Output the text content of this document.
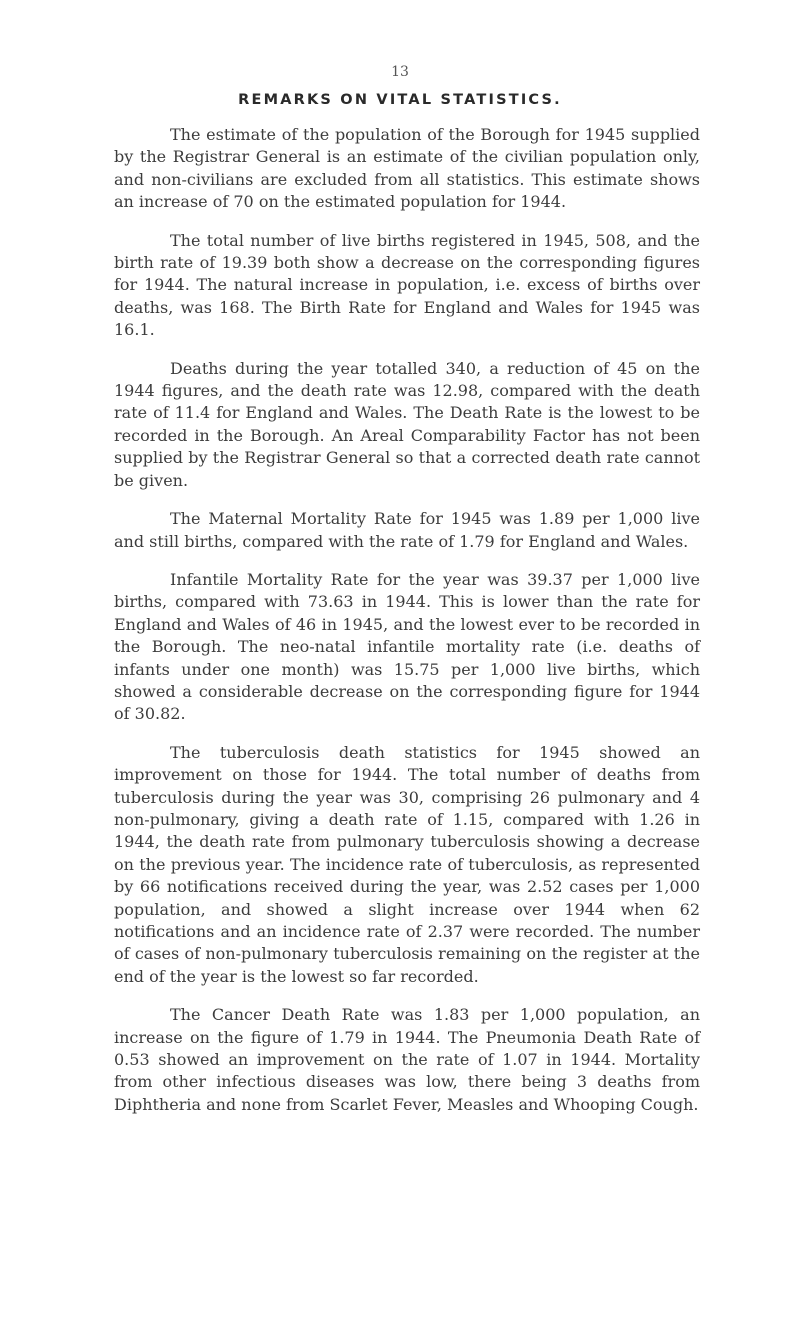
13
REMARKS ON VITAL STATISTICS.

The estimate of the population of the Borough for 1945 supplied by the Registrar General is an estimate of the civilian population only, and non-civilians are excluded from all statistics. This estimate shows an increase of 70 on the estimated population for 1944.

The total number of live births registered in 1945, 508, and the birth rate of 19.39 both show a decrease on the corresponding figures for 1944. The natural increase in population, i.e. excess of births over deaths, was 168. The Birth Rate for England and Wales for 1945 was 16.1.

Deaths during the year totalled 340, a reduction of 45 on the 1944 figures, and the death rate was 12.98, compared with the death rate of 11.4 for England and Wales. The Death Rate is the lowest to be recorded in the Borough. An Areal Comparability Factor has not been supplied by the Registrar General so that a corrected death rate cannot be given.

The Maternal Mortality Rate for 1945 was 1.89 per 1,000 live and still births, compared with the rate of 1.79 for England and Wales.

Infantile Mortality Rate for the year was 39.37 per 1,000 live births, compared with 73.63 in 1944. This is lower than the rate for England and Wales of 46 in 1945, and the lowest ever to be recorded in the Borough. The neo-natal infantile mortality rate (i.e. deaths of infants under one month) was 15.75 per 1,000 live births, which showed a considerable decrease on the corresponding figure for 1944 of 30.82.

The tuberculosis death statistics for 1945 showed an improvement on those for 1944. The total number of deaths from tuberculosis during the year was 30, comprising 26 pulmonary and 4 non-pulmonary, giving a death rate of 1.15, compared with 1.26 in 1944, the death rate from pulmonary tuberculosis showing a decrease on the previous year. The incidence rate of tuberculosis, as represented by 66 notifications received during the year, was 2.52 cases per 1,000 population, and showed a slight increase over 1944 when 62 notifications and an incidence rate of 2.37 were recorded. The number of cases of non-pulmonary tuberculosis remaining on the register at the end of the year is the lowest so far recorded.

The Cancer Death Rate was 1.83 per 1,000 population, an increase on the figure of 1.79 in 1944. The Pneumonia Death Rate of 0.53 showed an improvement on the rate of 1.07 in 1944. Mortality from other infectious diseases was low, there being 3 deaths from Diphtheria and none from Scarlet Fever, Measles and Whooping Cough.
